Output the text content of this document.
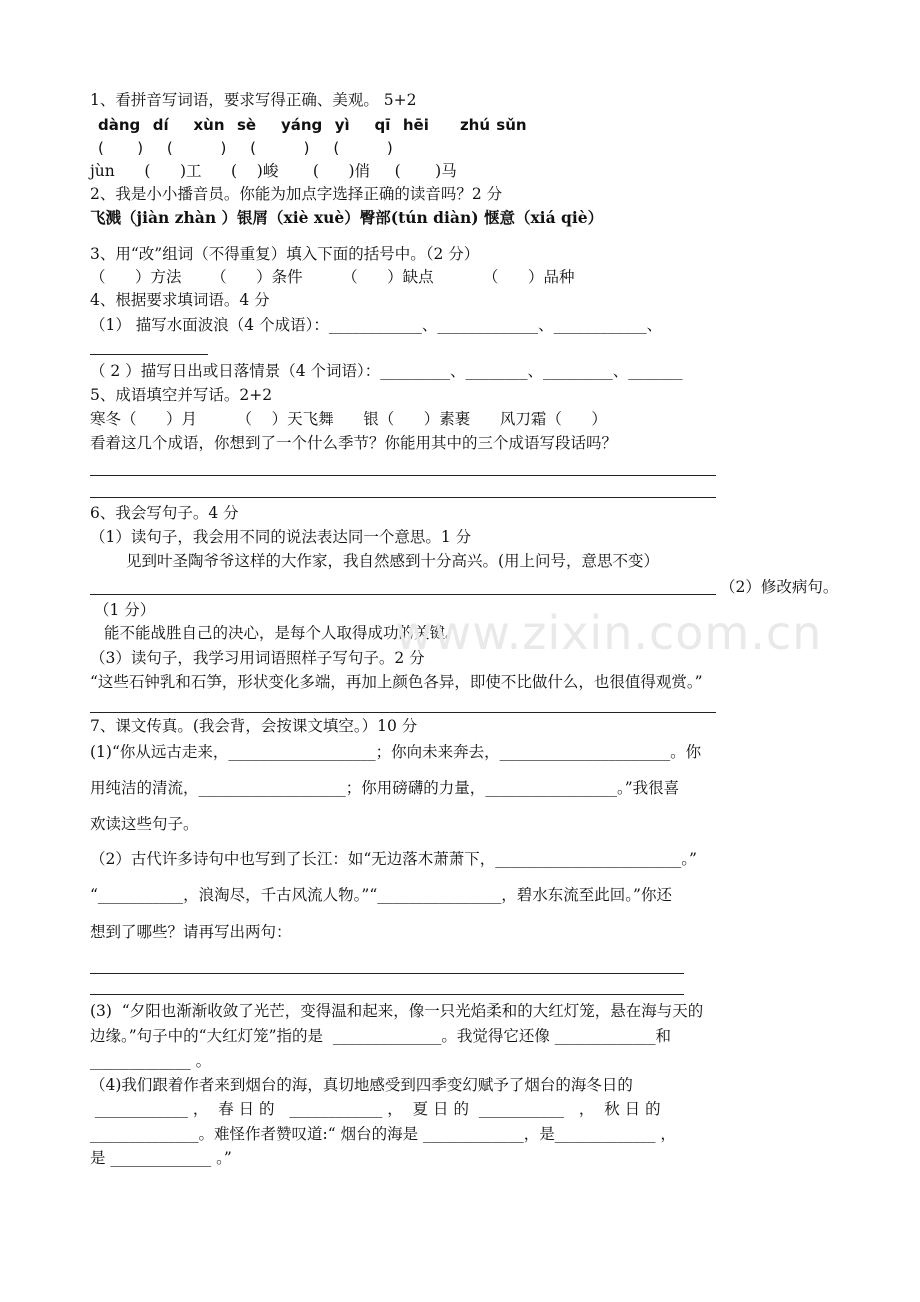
1、看拼音写词语，要求写得正确、美观。 5+2
dàng  dí    xùn  sè    yáng  yì    qī  hēi     zhú sǔn
(       )     (          )     (          )     (          )
jùn      (      )工      (    )峻       (      )俏     (       )马
2、我是小小播音员。你能为加点字选择正确的读音吗？2 分
飞溅（jiàn zhàn ）银屑（xiè xuè）臀部(tún diàn) 惬意（xiá qiè）
3、用“改”组词（不得重复）填入下面的括号中。（2 分）
（      ）方法      （      ）条件        （      ）缺点          （      ）品种
4、根据要求填词语。4 分
（1） 描写水面波浪（4 个成语）：____________、_____________、____________、
（ 2 ）描写日出或日落情景（4 个词语）：_________、________、_________、_______
5、成语填空并写话。2+2
寒冬（      ）月        （    ）天飞舞      银（      ）素裹      风刀霜（      ）
看着这几个成语，你想到了一个什么季节？你能用其中的三个成语写段话吗？
6、我会写句子。4 分
（1）读句子，我会用不同的说法表达同一个意思。1 分
见到叶圣陶爷爷这样的大作家，我自然感到十分高兴。(用上问号，意思不变）
（2）修改病句。
（1 分）
能不能战胜自己的决心，是每个人取得成功的关键。
（3）读句子，我学习用词语照样子写句子。2 分
“这些石钟乳和石笋，形状变化多端，再加上颜色各异，即使不比做什么，也很值得观赏。”
www.zixin.com.cn
7、课文传真。(我会背，会按课文填空。）10 分
(1)“你从远古走来，___________________；你向未来奔去，______________________。你
用纯洁的清流，___________________；你用磅礴的力量，_________________。”我很喜
欢读这些句子。
（2）古代许多诗句中也写到了长江：如“无边落木萧萧下，________________________。”
“___________，浪淘尽，千古风流人物。”“________________，碧水东流至此回。”你还
想到了哪些？请再写出两句：
(3)  “夕阳也渐渐收敛了光芒，变得温和起来，像一只光焰柔和的大红灯笼，悬在海与天的
边缘。”句子中的“大红灯笼”指的是  ______________。我觉得它还像 _____________和
_____________ 。
（4)我们跟着作者来到烟台的海，真切地感受到四季变幻赋予了烟台的海冬日的
____________ ，  春 日 的   ____________ ，  夏 日 的  ___________   ，  秋 日 的
______________。难怪作者赞叹道:“ 烟台的海是 _____________，是_____________ ，
是 _____________ 。”
